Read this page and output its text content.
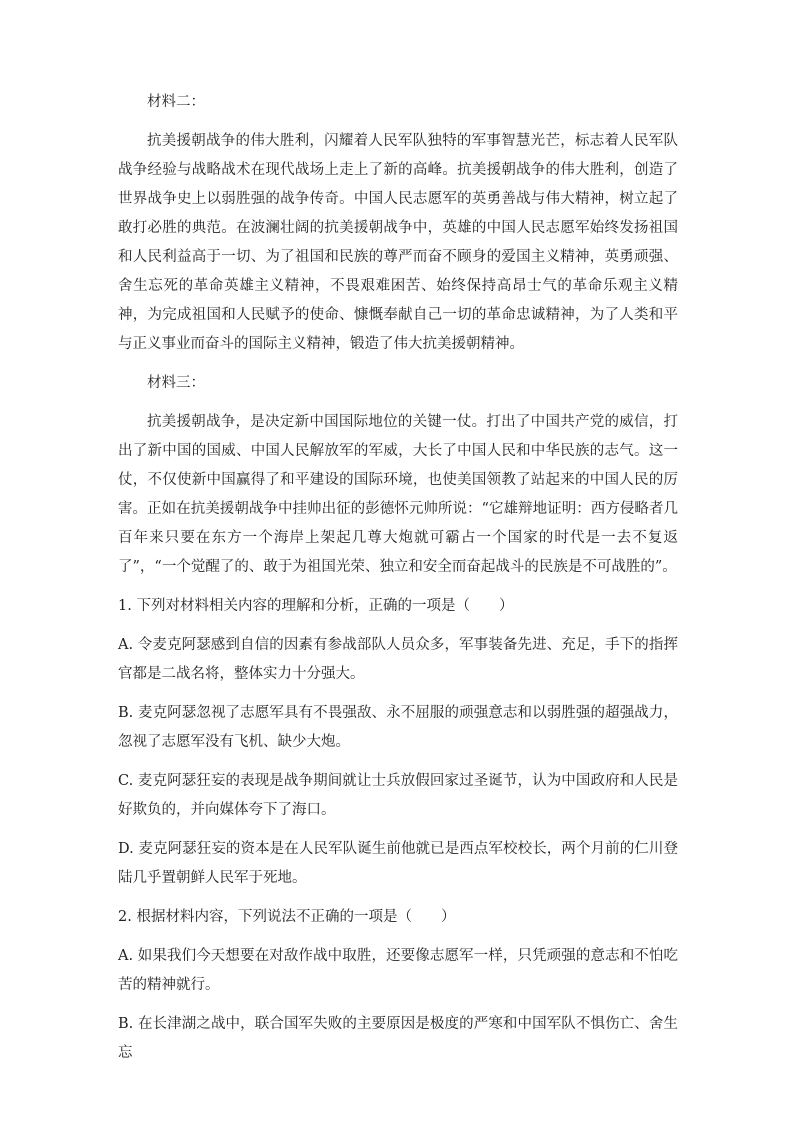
材料二：

抗美援朝战争的伟大胜利，闪耀着人民军队独特的军事智慧光芒，标志着人民军队战争经验与战略战术在现代战场上走上了新的高峰。抗美援朝战争的伟大胜利，创造了世界战争史上以弱胜强的战争传奇。中国人民志愿军的英勇善战与伟大精神，树立起了敢打必胜的典范。在波澜壮阔的抗美援朝战争中，英雄的中国人民志愿军始终发扬祖国和人民利益高于一切、为了祖国和民族的尊严而奋不顾身的爱国主义精神，英勇顽强、舍生忘死的革命英雄主义精神，不畏艰难困苦、始终保持高昂士气的革命乐观主义精神，为完成祖国和人民赋予的使命、慷慨奉献自己一切的革命忠诚精神，为了人类和平与正义事业而奋斗的国际主义精神，锻造了伟大抗美援朝精神。

材料三：

抗美援朝战争，是决定新中国国际地位的关键一仗。打出了中国共产党的威信，打出了新中国的国威、中国人民解放军的军威，大长了中国人民和中华民族的志气。这一仗，不仅使新中国赢得了和平建设的国际环境，也使美国领教了站起来的中国人民的厉害。正如在抗美援朝战争中挂帅出征的彭德怀元帅所说：“它雄辩地证明：西方侵略者几百年来只要在东方一个海岸上架起几尊大炮就可霸占一个国家的时代是一去不复返了”，“一个觉醒了的、敢于为祖国光荣、独立和安全而奋起战斗的民族是不可战胜的”。

1. 下列对材料相关内容的理解和分析，正确的一项是（　　）

A. 令麦克阿瑟感到自信的因素有参战部队人员众多，军事装备先进、充足，手下的指挥官都是二战名将，整体实力十分强大。

B. 麦克阿瑟忽视了志愿军具有不畏强敌、永不屈服的顽强意志和以弱胜强的超强战力，忽视了志愿军没有飞机、缺少大炮。

C. 麦克阿瑟狂妄的表现是战争期间就让士兵放假回家过圣诞节，认为中国政府和人民是好欺负的，并向媒体夸下了海口。

D. 麦克阿瑟狂妄的资本是在人民军队诞生前他就已是西点军校校长，两个月前的仁川登陆几乎置朝鲜人民军于死地。

2. 根据材料内容，下列说法不正确的一项是（　　）

A. 如果我们今天想要在对敌作战中取胜，还要像志愿军一样，只凭顽强的意志和不怕吃苦的精神就行。

B. 在长津湖之战中，联合国军失败的主要原因是极度的严寒和中国军队不惧伤亡、舍生忘
